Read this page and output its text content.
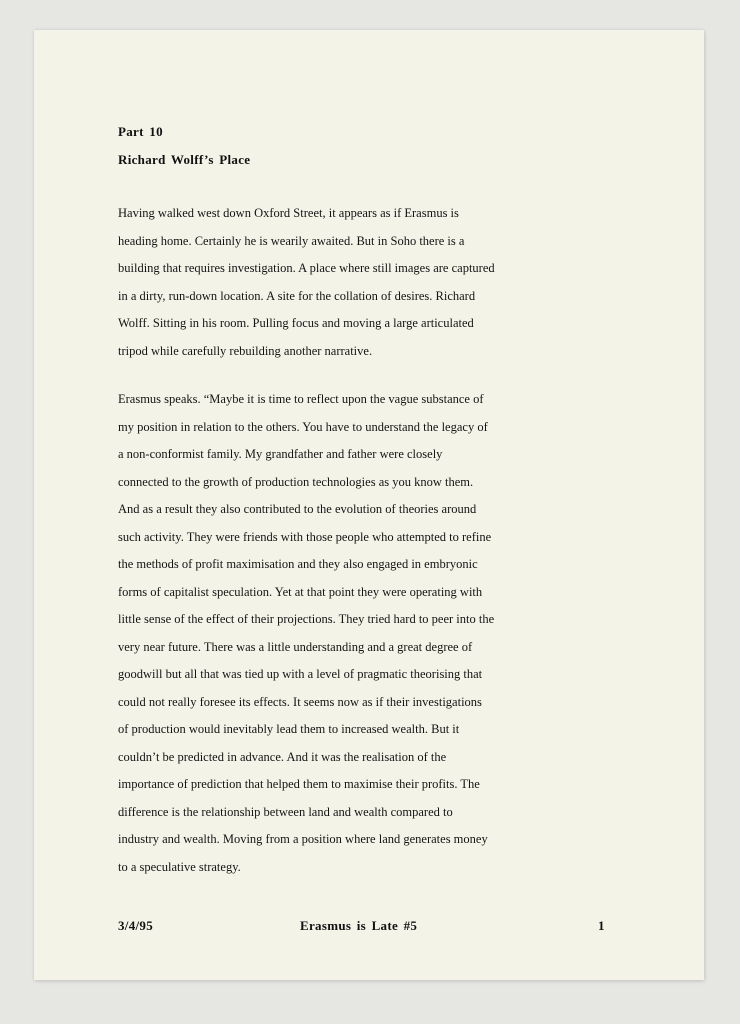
Part 10
Richard Wolff’s Place

Having walked west down Oxford Street, it appears as if Erasmus is
heading home. Certainly he is wearily awaited. But in Soho there is a
building that requires investigation. A place where still images are captured
in a dirty, run-down location. A site for the collation of desires. Richard
Wolff. Sitting in his room. Pulling focus and moving a large articulated
tripod while carefully rebuilding another narrative.

Erasmus speaks. “Maybe it is time to reflect upon the vague substance of
my position in relation to the others. You have to understand the legacy of
a non-conformist family. My grandfather and father were closely
connected to the growth of production technologies as you know them.
And as a result they also contributed to the evolution of theories around
such activity. They were friends with those people who attempted to refine
the methods of profit maximisation and they also engaged in embryonic
forms of capitalist speculation. Yet at that point they were operating with
little sense of the effect of their projections. They tried hard to peer into the
very near future. There was a little understanding and a great degree of
goodwill but all that was tied up with a level of pragmatic theorising that
could not really foresee its effects. It seems now as if their investigations
of production would inevitably lead them to increased wealth. But it
couldn’t be predicted in advance. And it was the realisation of the
importance of prediction that helped them to maximise their profits. The
difference is the relationship between land and wealth compared to
industry and wealth. Moving from a position where land generates money
to a speculative strategy.

3/4/95	Erasmus is Late #5	1
